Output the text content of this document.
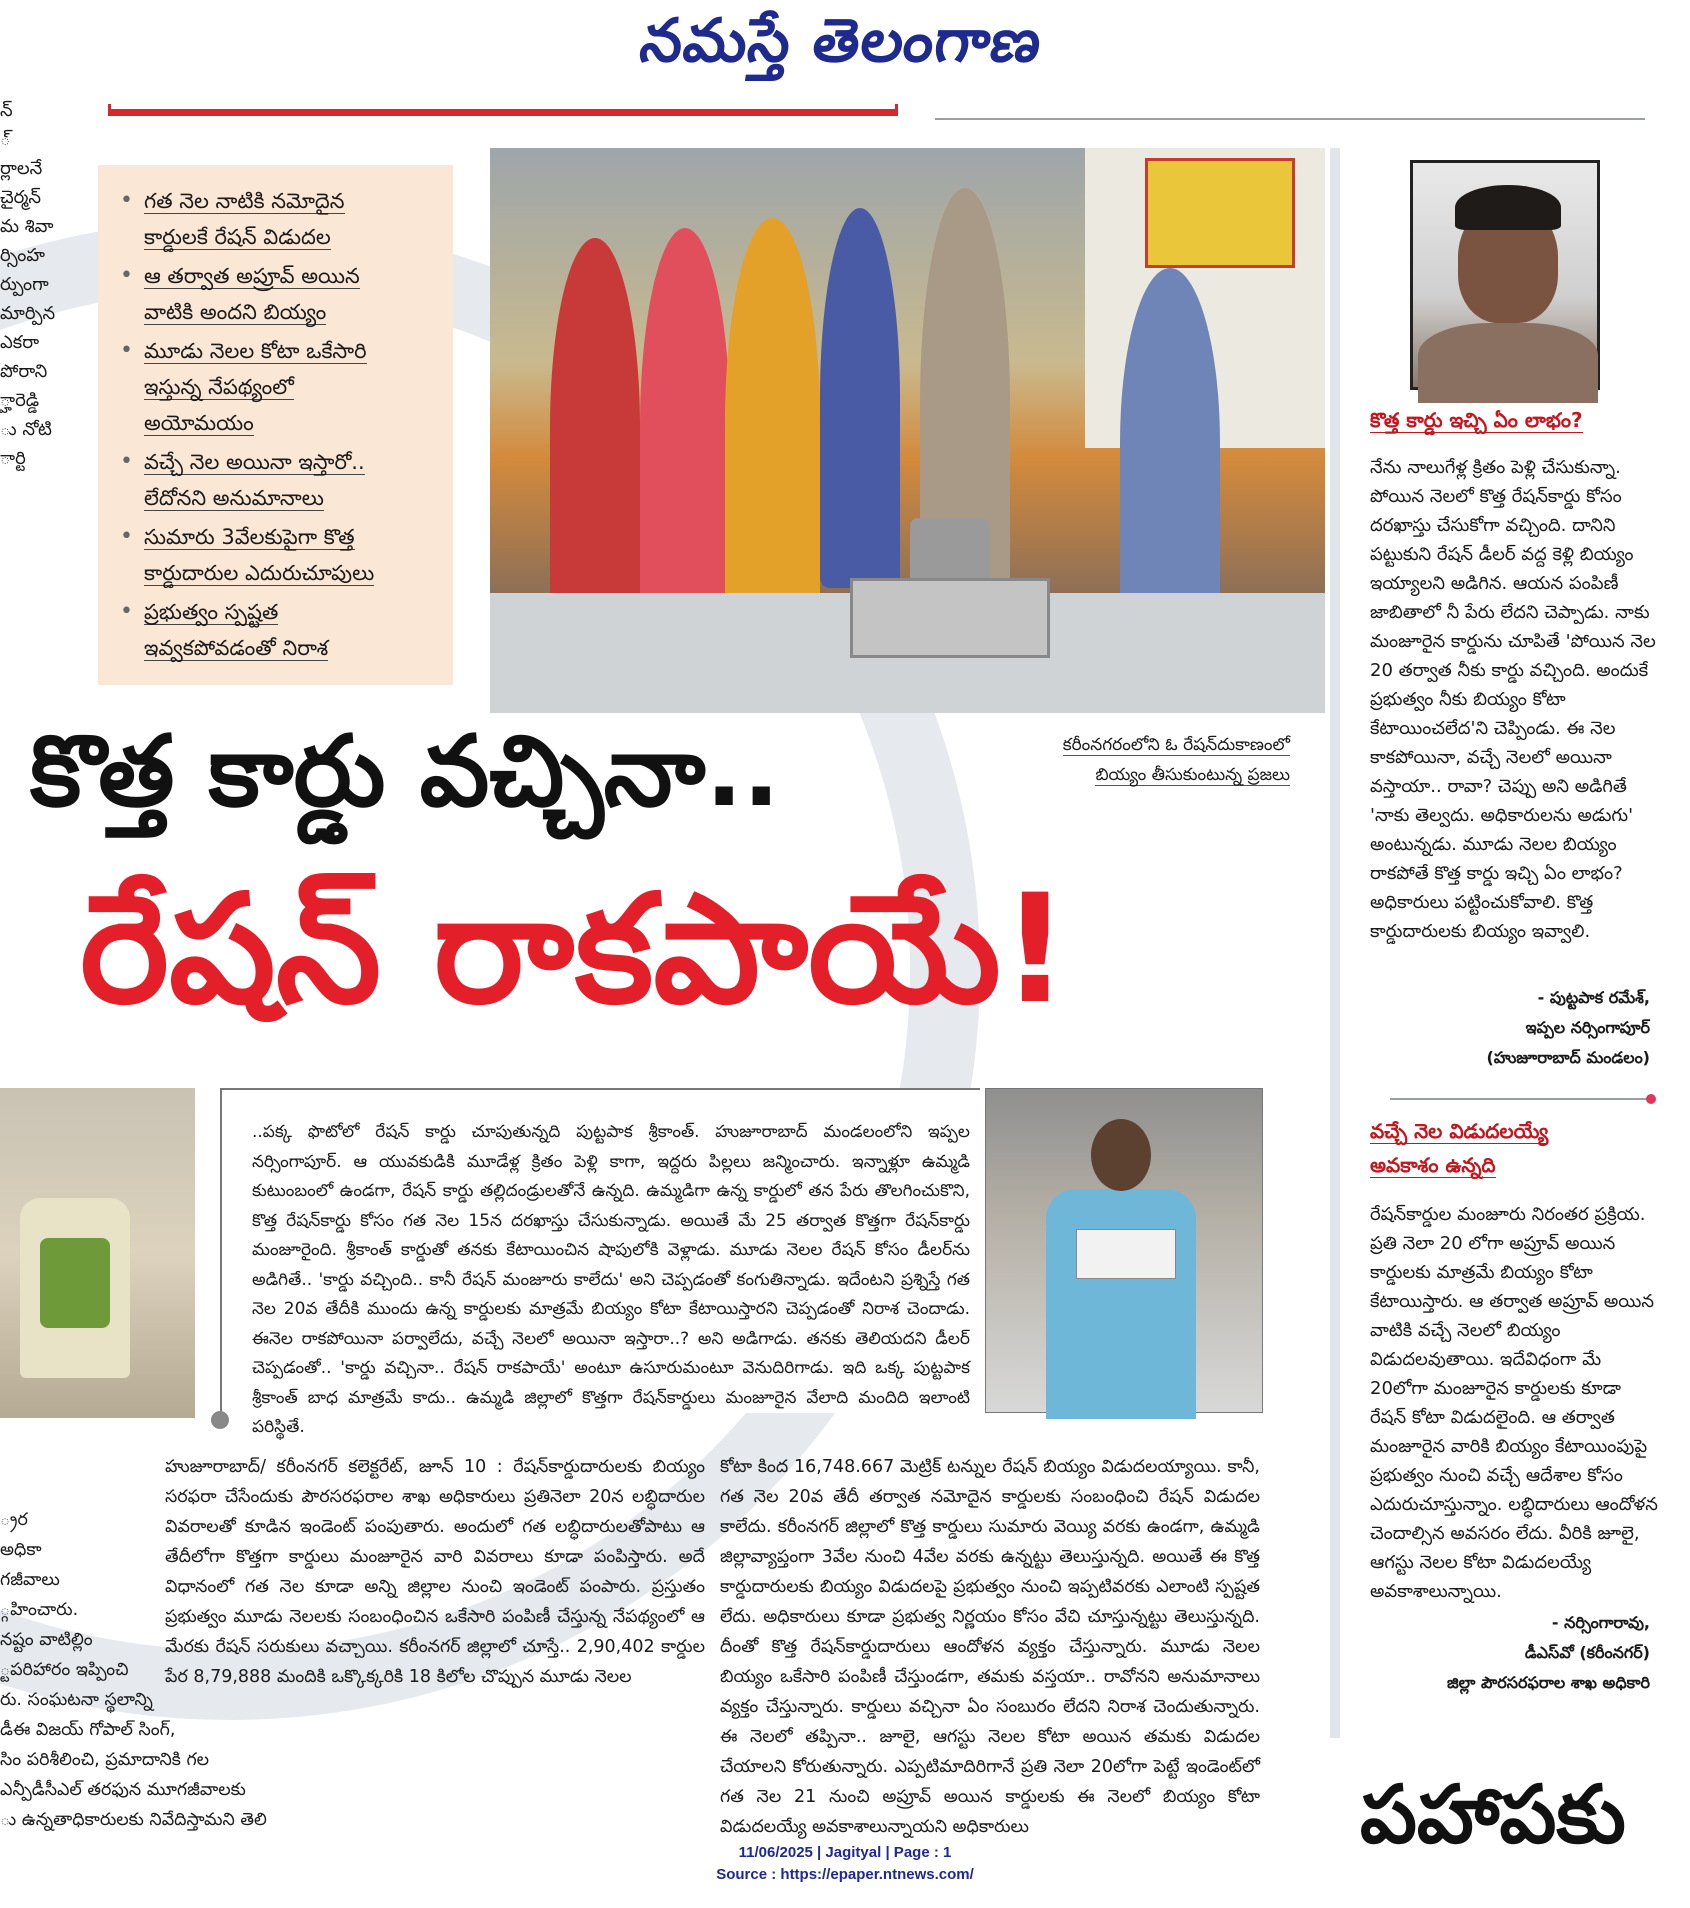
నమస్తే తెలంగాణ
న్
్
ర్లాలనే
చైర్మన్
మ శివా
ర్సింహ
ర్పుంగా
మార్పిన
ఎకరా
పోరాని
్హారెడ్డి
ు నోటి
ార్టి
• గత నెల నాటికి నమోదైన
కార్డులకే రేషన్ విడుదల
• ఆ తర్వాత అప్రూవ్ అయిన
వాటికి అందని బియ్యం
• మూడు నెలల కోటా ఒకేసారి
ఇస్తున్న నేపథ్యంలో
అయోమయం
• వచ్చే నెల అయినా ఇస్తారో..
లేదోనని అనుమానాలు
• సుమారు 3వేలకుపైగా కొత్త
కార్డుదారుల ఎదురుచూపులు
• ప్రభుత్వం స్పష్టత
ఇవ్వకపోవడంతో నిరాశ
కరీంనగరంలోని ఓ రేషన్‌దుకాణంలో
బియ్యం తీసుకుంటున్న ప్రజలు
కొత్త కార్డు వచ్చినా..
రేషన్ రాకపాయే!
కొత్త కార్డు ఇచ్చి ఏం లాభం?
నేను నాలుగేళ్ల క్రితం పెళ్లి చేసుకున్నా. పోయిన నెలలో కొత్త రేషన్‌కార్డు కోసం దరఖాస్తు చేసుకోగా వచ్చింది. దానిని పట్టుకుని రేషన్ డీలర్ వద్ద కెళ్లి బియ్యం ఇయ్యాలని అడిగిన. ఆయన పంపిణీ జాబితాలో నీ పేరు లేదని చెప్పాడు. నాకు మంజూరైన కార్డును చూపితే 'పోయిన నెల 20 తర్వాత నీకు కార్డు వచ్చింది. అందుకే ప్రభుత్వం నీకు బియ్యం కోటా కేటాయించలేద'ని చెప్పిండు. ఈ నెల కాకపోయినా, వచ్చే నెలలో అయినా వస్తాయా.. రావా? చెప్పు అని అడిగితే 'నాకు తెల్వదు. అధికారులను అడుగు' అంటున్నడు. మూడు నెలల బియ్యం రాకపోతే కొత్త కార్డు ఇచ్చి ఏం లాభం? అధికారులు పట్టించుకోవాలి. కొత్త కార్డుదారులకు బియ్యం ఇవ్వాలి.
- పుట్టపాక రమేశ్,
ఇప్పల నర్సింగాపూర్
(హుజూరాబాద్ మండలం)
వచ్చే నెల విడుదలయ్యే
అవకాశం ఉన్నది
రేషన్‌కార్డుల మంజూరు నిరంతర ప్రక్రియ. ప్రతి నెలా 20 లోగా అప్రూవ్ అయిన కార్డులకు మాత్రమే బియ్యం కోటా కేటాయిస్తారు. ఆ తర్వాత అప్రూవ్ అయిన వాటికి వచ్చే నెలలో బియ్యం విడుదలవుతాయి. ఇదేవిధంగా మే 20లోగా మంజూరైన కార్డులకు కూడా రేషన్ కోటా విడుదలైంది. ఆ తర్వాత మంజూరైన వారికి బియ్యం కేటాయింపుపై ప్రభుత్వం నుంచి వచ్చే ఆదేశాల కోసం ఎదురుచూస్తున్నాం. లబ్ధిదారులు ఆందోళన చెందాల్సిన అవసరం లేదు. వీరికి జూలై, ఆగస్టు నెలల కోటా విడుదలయ్యే అవకాశాలున్నాయి.
- నర్సింగారావు,
డీఎస్‌వో (కరీంనగర్)
జిల్లా పౌరసరఫరాల శాఖ అధికారి
..పక్క ఫొటోలో రేషన్ కార్డు చూపుతున్నది పుట్టపాక శ్రీకాంత్. హుజూరాబాద్ మండలంలోని ఇప్పల నర్సింగాపూర్. ఆ యువకుడికి మూడేళ్ల క్రితం పెళ్లి కాగా, ఇద్దరు పిల్లలు జన్మించారు. ఇన్నాళ్లూ ఉమ్మడి కుటుంబంలో ఉండగా, రేషన్ కార్డు తల్లిదండ్రులతోనే ఉన్నది. ఉమ్మడిగా ఉన్న కార్డులో తన పేరు తొలగించుకొని, కొత్త రేషన్‌కార్డు కోసం గత నెల 15న దరఖాస్తు చేసుకున్నాడు. అయితే మే 25 తర్వాత కొత్తగా రేషన్‌కార్డు మంజూరైంది. శ్రీకాంత్ కార్డుతో తనకు కేటాయించిన షాపులోకి వెళ్లాడు. మూడు నెలల రేషన్ కోసం డీలర్‌ను అడిగితే.. 'కార్డు వచ్చింది.. కానీ రేషన్ మంజూరు కాలేదు' అని చెప్పడంతో కంగుతిన్నాడు. ఇదేంటని ప్రశ్నిస్తే గత నెల 20వ తేదీకి ముందు ఉన్న కార్డులకు మాత్రమే బియ్యం కోటా కేటాయిస్తారని చెప్పడంతో నిరాశ చెందాడు. ఈనెల రాకపోయినా పర్వాలేదు, వచ్చే నెలలో అయినా ఇస్తారా..? అని అడిగాడు. తనకు తెలియదని డీలర్ చెప్పడంతో.. 'కార్డు వచ్చినా.. రేషన్ రాకపాయే' అంటూ ఉసూరుమంటూ వెనుదిరిగాడు. ఇది ఒక్క పుట్టపాక శ్రీకాంత్ బాధ మాత్రమే కాదు.. ఉమ్మడి జిల్లాలో కొత్తగా రేషన్‌కార్డులు మంజూరైన వేలాది మందిది ఇలాంటి పరిస్థితే.

్రర
అధికా
గజీవాలు
్గహించారు.
నష్టం వాటిల్లిం
్టపరిహారం ఇప్పించి
రు. సంఘటనా స్థలాన్ని
డీఈ విజయ్ గోపాల్ సింగ్,
సిం పరిశీలించి, ప్రమాదానికి గల
ఎన్పీడీసీఎల్ తరఫున మూగజీవాలకు
ు ఉన్నతాధికారులకు నివేదిస్తామని తెలి
హుజూరాబాద్/ కరీంనగర్ కలెక్టరేట్, జూన్ 10 : రేషన్‌కార్డుదారులకు బియ్యం సరఫరా చేసేందుకు పౌరసరఫరాల శాఖ అధికారులు ప్రతినెలా 20న లబ్ధిదారుల వివరాలతో కూడిన ఇండెంట్ పంపుతారు. అందులో గత లబ్ధిదారులతోపాటు ఆ తేదీలోగా కొత్తగా కార్డులు మంజూరైన వారి వివరాలు కూడా పంపిస్తారు. అదే విధానంలో గత నెల కూడా అన్ని జిల్లాల నుంచి ఇండెంట్ పంపారు. ప్రస్తుతం ప్రభుత్వం మూడు నెలలకు సంబంధించిన ఒకేసారి పంపిణీ చేస్తున్న నేపథ్యంలో ఆ మేరకు రేషన్ సరుకులు వచ్చాయి. కరీంనగర్ జిల్లాలో చూస్తే.. 2,90,402 కార్డుల పేర 8,79,888 మందికి ఒక్కొక్కరికి 18 కిలోల చొప్పున మూడు నెలల
కోటా కింద 16,748.667 మెట్రిక్ టన్నుల రేషన్ బియ్యం విడుదలయ్యాయి. కానీ, గత నెల 20వ తేదీ తర్వాత నమోదైన కార్డులకు సంబంధించి రేషన్ విడుదల కాలేదు. కరీంనగర్ జిల్లాలో కొత్త కార్డులు సుమారు వెయ్యి వరకు ఉండగా, ఉమ్మడి జిల్లావ్యాప్తంగా 3వేల నుంచి 4వేల వరకు ఉన్నట్టు తెలుస్తున్నది. అయితే ఈ కొత్త కార్డుదారులకు బియ్యం విడుదలపై ప్రభుత్వం నుంచి ఇప్పటివరకు ఎలాంటి స్పష్టత లేదు. అధికారులు కూడా ప్రభుత్వ నిర్ణయం కోసం వేచి చూస్తున్నట్టు తెలుస్తున్నది. దీంతో కొత్త రేషన్‌కార్డుదారులు ఆందోళన వ్యక్తం చేస్తున్నారు. మూడు నెలల బియ్యం ఒకేసారి పంపిణీ చేస్తుండగా, తమకు వస్తయా.. రావోనని అనుమానాలు వ్యక్తం చేస్తున్నారు. కార్డులు వచ్చినా ఏం సంబురం లేదని నిరాశ చెందుతున్నారు. ఈ నెలలో తప్పినా.. జూలై, ఆగస్టు నెలల కోటా అయిన తమకు విడుదల చేయాలని కోరుతున్నారు. ఎప్పటిమాదిరిగానే ప్రతి నెలా 20లోగా పెట్టే ఇండెంట్‌లో గత నెల 21 నుంచి అప్రూవ్ అయిన కార్డులకు ఈ నెలలో బియ్యం కోటా విడుదలయ్యే అవకాశాలున్నాయని అధికారులు	పహాపకు
11/06/2025 | Jagityal | Page : 1
Source : https://epaper.ntnews.com/
